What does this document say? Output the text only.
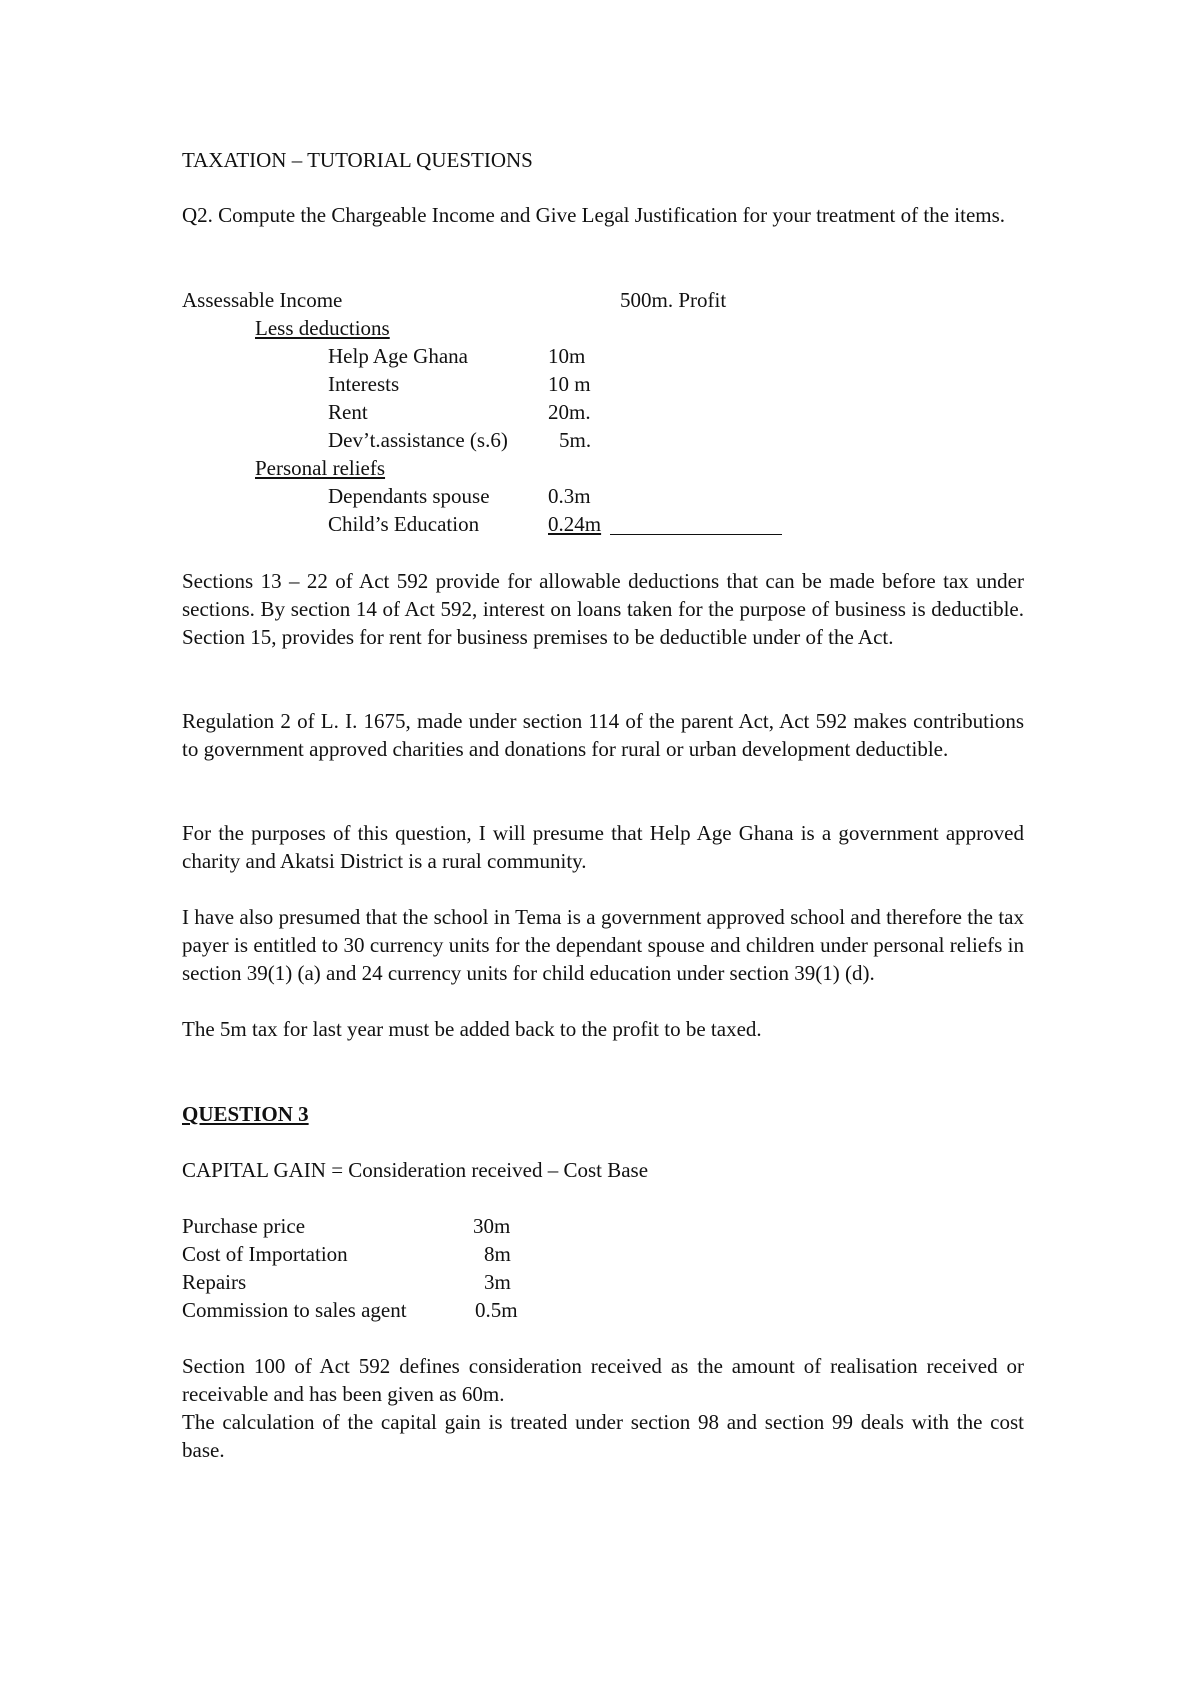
TAXATION – TUTORIAL QUESTIONS
Q2. Compute the Chargeable Income and Give Legal Justification for your treatment of the items.
Assessable Income	500m. Profit
Less deductions
Help Age Ghana	10m
Interests	10 m
Rent	20m.
Dev’t.assistance (s.6) 5m.
Personal reliefs
Dependants spouse	0.3m
Child’s Education	0.24m
Sections 13 – 22 of Act 592 provide for allowable deductions that can be made before tax under sections. By section 14 of Act 592, interest on loans taken for the purpose of business is deductible. Section 15, provides for rent for business premises to be deductible under of the Act.
Regulation 2 of L. I. 1675, made under section 114 of the parent Act, Act 592 makes contributions to government approved charities and donations for rural or urban development deductible.
For the purposes of this question, I will presume that Help Age Ghana is a government approved charity and Akatsi District is a rural community.
I have also presumed that the school in Tema is a government approved school and therefore the tax payer is entitled to 30 currency units for the dependant spouse and children under personal reliefs in section 39(1) (a) and 24 currency units for child education under section 39(1) (d).
The 5m tax for last year must be added back to the profit to be taxed.
QUESTION 3
CAPITAL GAIN = Consideration received – Cost Base
Purchase price	30m
Cost of Importation	8m
Repairs	3m
Commission to sales agent	0.5m
Section 100 of Act 592 defines consideration received as the amount of realisation received or receivable and has been given as 60m.
The calculation of the capital gain is treated under section 98 and section 99 deals with the cost base.
